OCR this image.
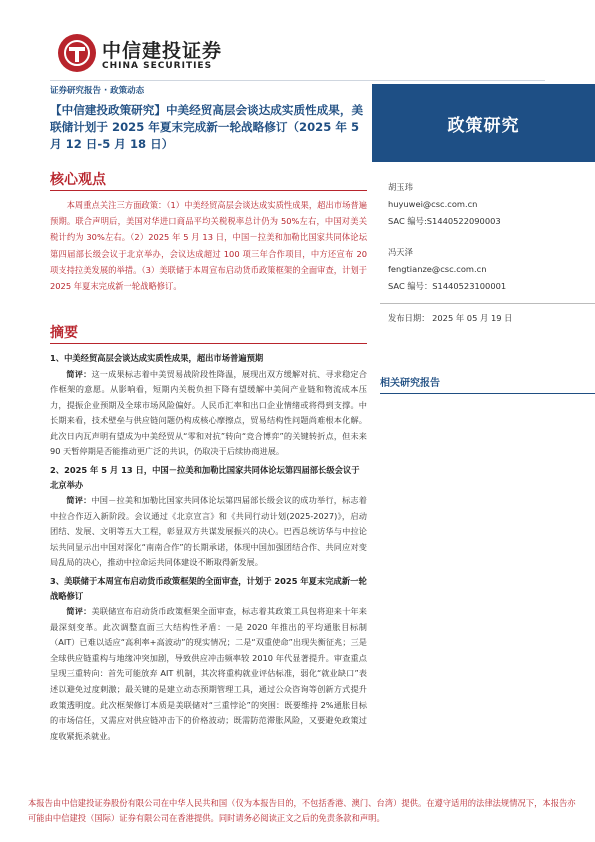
中信建投证券
CHINA SECURITIES
证券研究报告 · 政策动态
【中信建投政策研究】中美经贸高层会谈达成实质性成果，美联储计划于 2025 年夏末完成新一轮战略修订（2025 年 5 月 12 日-5 月 18 日）
政策研究
核心观点
本周重点关注三方面政策：（1）中美经贸高层会谈达成实质性成果，超出市场普遍预期。联合声明后，美国对华进口商品平均关税税率总计仍为 50%左右，中国对美关税计约为 30%左右。（2）2025 年 5 月 13 日，中国－拉美和加勒比国家共同体论坛第四届部长级会议于北京举办，会议达成超过 100 项三年合作项目，中方还宣布 20 项支持拉美发展的举措。（3）美联储于本周宣布启动货币政策框架的全面审查，计划于 2025 年夏末完成新一轮战略修订。
摘要
1、中美经贸高层会谈达成实质性成果，超出市场普遍预期
简评：这一成果标志着中美贸易战阶段性降温，展现出双方缓解对抗、寻求稳定合作框架的意愿。从影响看，短期内关税负担下降有望缓解中美间产业链和物流成本压力，提振企业预期及全球市场风险偏好。人民币汇率和出口企业情绪或将得到支撑。中长期来看，技术壁垒与供应链问题仍构成核心摩擦点，贸易结构性问题尚难根本化解。此次日内瓦声明有望成为中美经贸从“零和对抗”转向“竞合博弈”的关键转折点，但未来 90 天暂停期是否能推动更广泛的共识，仍取决于后续协商进展。
2、2025 年 5 月 13 日，中国－拉美和加勒比国家共同体论坛第四届部长级会议于北京举办
简评：中国－拉美和加勒比国家共同体论坛第四届部长级会议的成功举行，标志着中拉合作迈入新阶段。会议通过《北京宣言》和《共同行动计划(2025-2027)》，启动团结、发展、文明等五大工程，彰显双方共谋发展振兴的决心。巴西总统访华与中拉论坛共同显示出中国对深化“南南合作”的长期承诺，体现中国加强团结合作、共同应对变局乱局的决心，推动中拉命运共同体建设不断取得新发展。
3、美联储于本周宣布启动货币政策框架的全面审查，计划于 2025 年夏末完成新一轮战略修订
简评：美联储宣布启动货币政策框架全面审查，标志着其政策工具包将迎来十年来最深刻变革。此次调整直面三大结构性矛盾：一是 2020 年推出的平均通胀目标制（AIT）已难以适应“高利率+高波动”的现实情况；二是“双重使命”出现失衡征兆；三是全球供应链重构与地缘冲突加剧，导致供应冲击频率较 2010 年代显著提升。审查重点呈现三重转向：首先可能放弃 AIT 机制，其次将重构就业评估标准，弱化“就业缺口”表述以避免过度刺激；最关键的是建立动态预期管理工具，通过公众咨询等创新方式提升政策透明度。此次框架修订本质是美联储对“三重悖论”的突围：既要维持 2%通胀目标的市场信任，又需应对供应链冲击下的价格波动；既需防范滞胀风险，又要避免政策过度收紧扼杀就业。
胡玉玮
huyuwei@csc.com.cn
SAC 编号:S1440522090003
冯天泽
fengtianze@csc.com.cn
SAC 编号：S1440523100001
发布日期： 2025 年 05 月 19 日
相关研究报告
本报告由中信建投证券股份有限公司在中华人民共和国（仅为本报告目的，不包括香港、澳门、台湾）提供。在遵守适用的法律法规情况下，本报告亦可能由中信建投（国际）证券有限公司在香港提供。同时请务必阅读正文之后的免责条款和声明。
